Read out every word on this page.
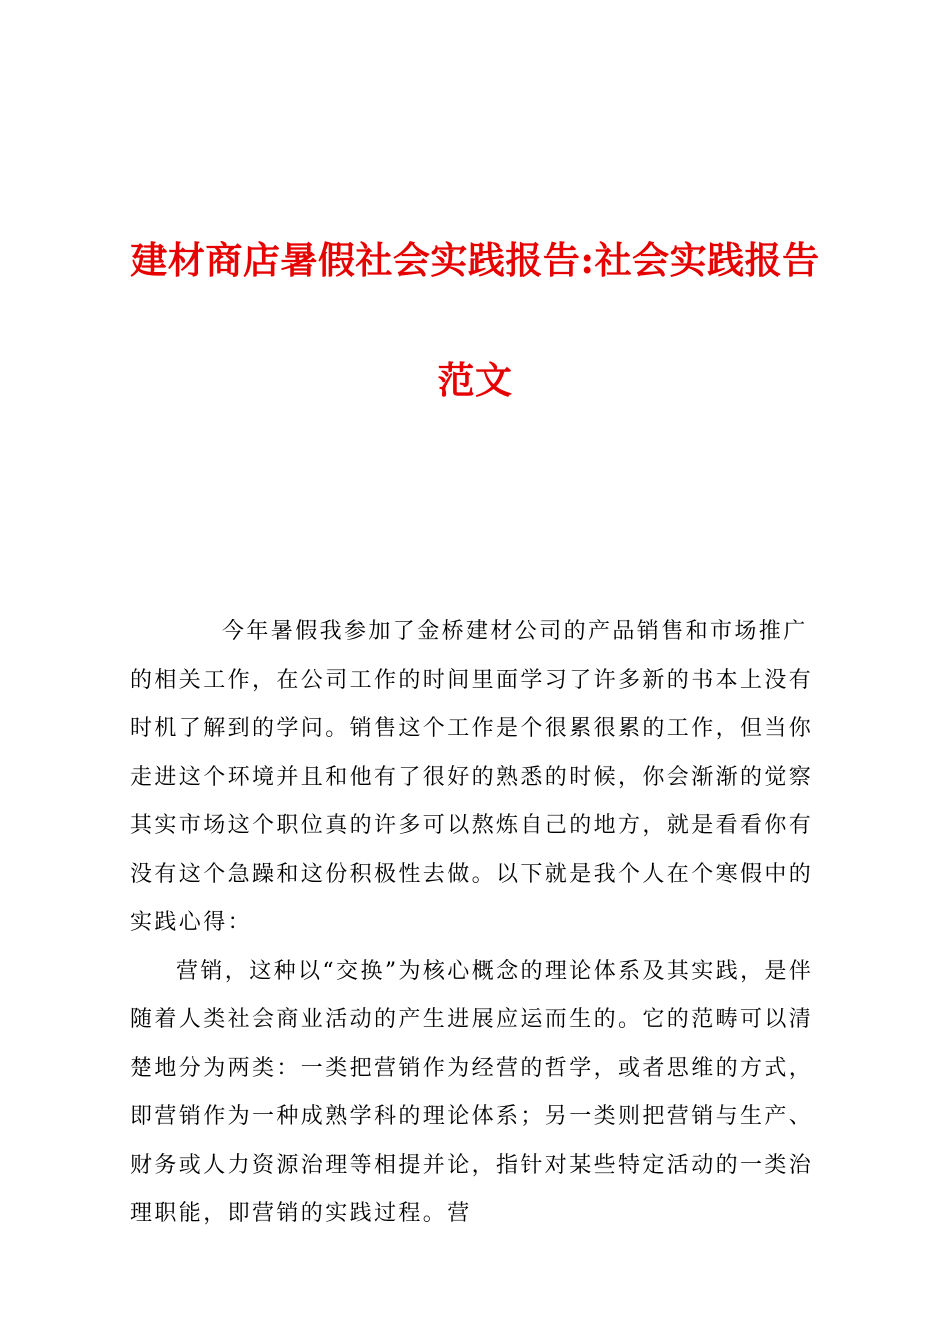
建材商店暑假社会实践报告:社会实践报告范文

今年暑假我参加了金桥建材公司的产品销售和市场推广的相关工作，在公司工作的时间里面学习了许多新的书本上没有时机了解到的学问。销售这个工作是个很累很累的工作，但当你走进这个环境并且和他有了很好的熟悉的时候，你会渐渐的觉察其实市场这个职位真的许多可以熬炼自己的地方，就是看看你有没有这个急躁和这份积极性去做。以下就是我个人在个寒假中的实践心得：

营销，这种以“交换”为核心概念的理论体系及其实践，是伴随着人类社会商业活动的产生进展应运而生的。它的范畴可以清楚地分为两类：一类把营销作为经营的哲学，或者思维的方式，即营销作为一种成熟学科的理论体系；另一类则把营销与生产、财务或人力资源治理等相提并论，指针对某些特定活动的一类治理职能，即营销的实践过程。营
